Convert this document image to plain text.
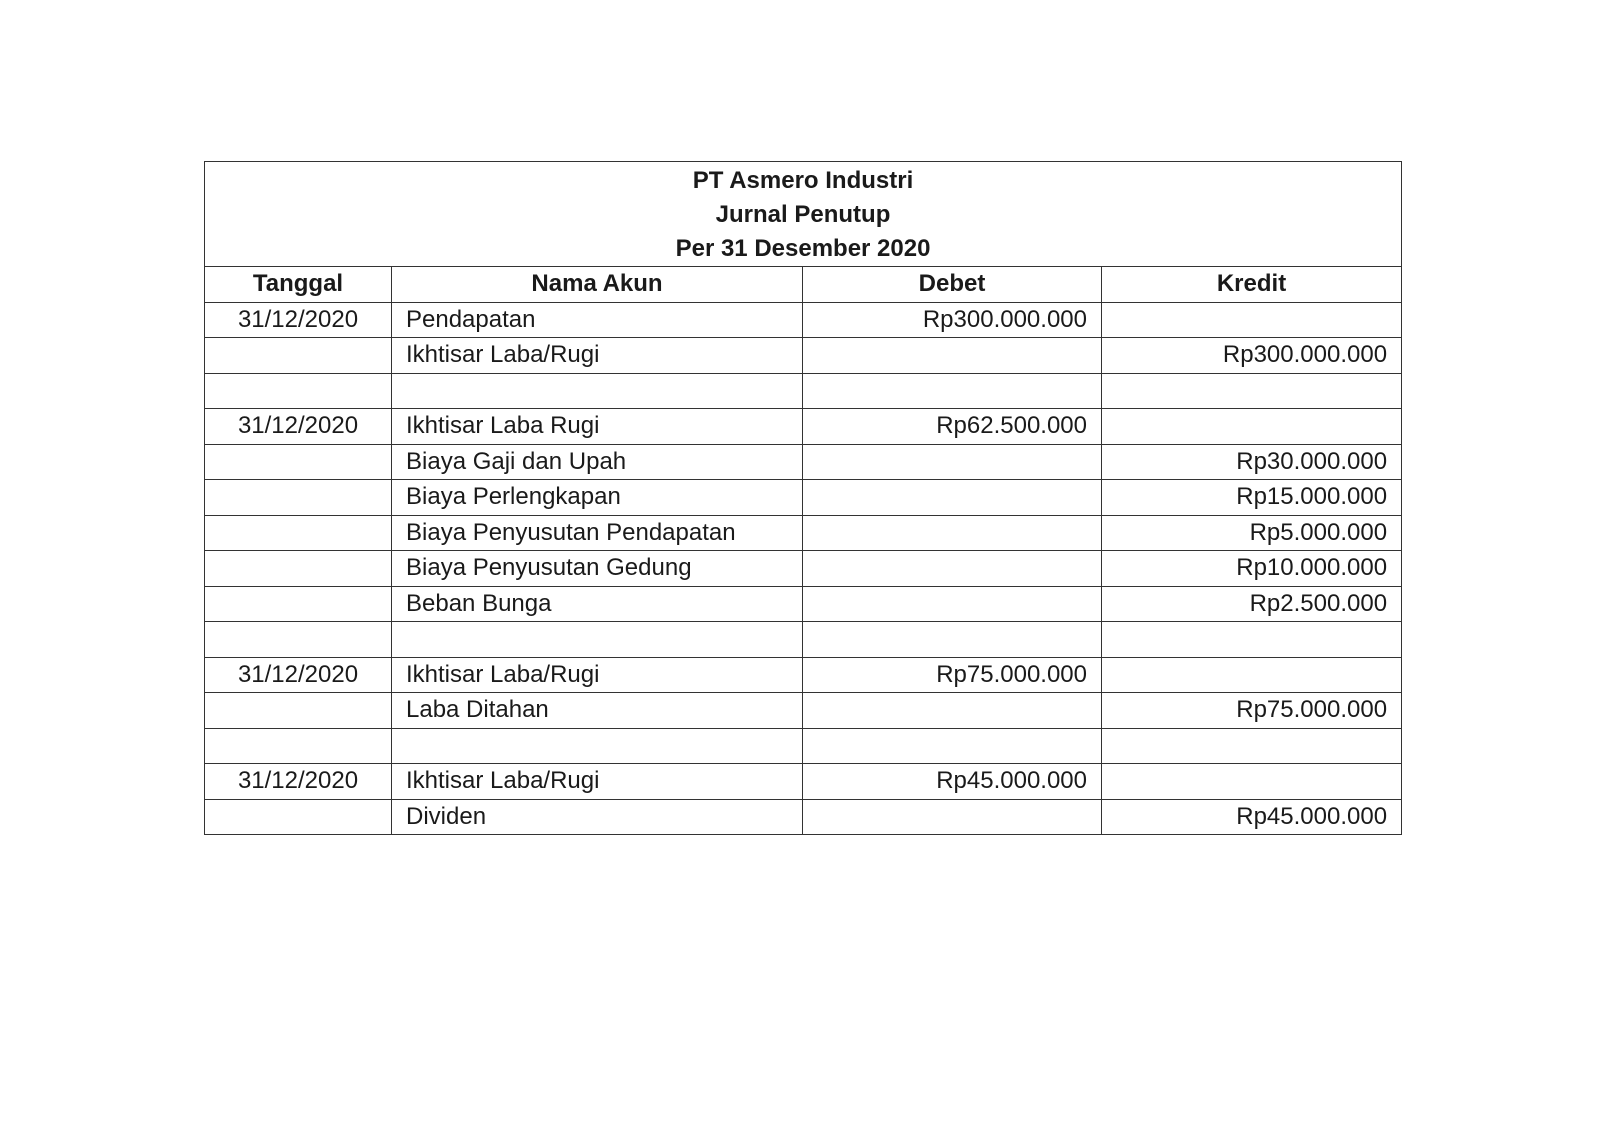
PT Asmero Industri
Jurnal Penutup
Per 31 Desember 2020			

Tanggal	Nama Akun	Debet	Kredit
31/12/2020	Pendapatan	Rp300.000.000	
	Ikhtisar Laba/Rugi		Rp300.000.000

31/12/2020	Ikhtisar Laba Rugi	Rp62.500.000	
	Biaya Gaji dan Upah		Rp30.000.000
	Biaya Perlengkapan		Rp15.000.000
	Biaya Penyusutan Pendapatan		Rp5.000.000
	Biaya Penyusutan Gedung		Rp10.000.000
	Beban Bunga		Rp2.500.000

31/12/2020	Ikhtisar Laba/Rugi	Rp75.000.000	
	Laba Ditahan		Rp75.000.000

31/12/2020	Ikhtisar Laba/Rugi	Rp45.000.000	
	Dividen		Rp45.000.000
